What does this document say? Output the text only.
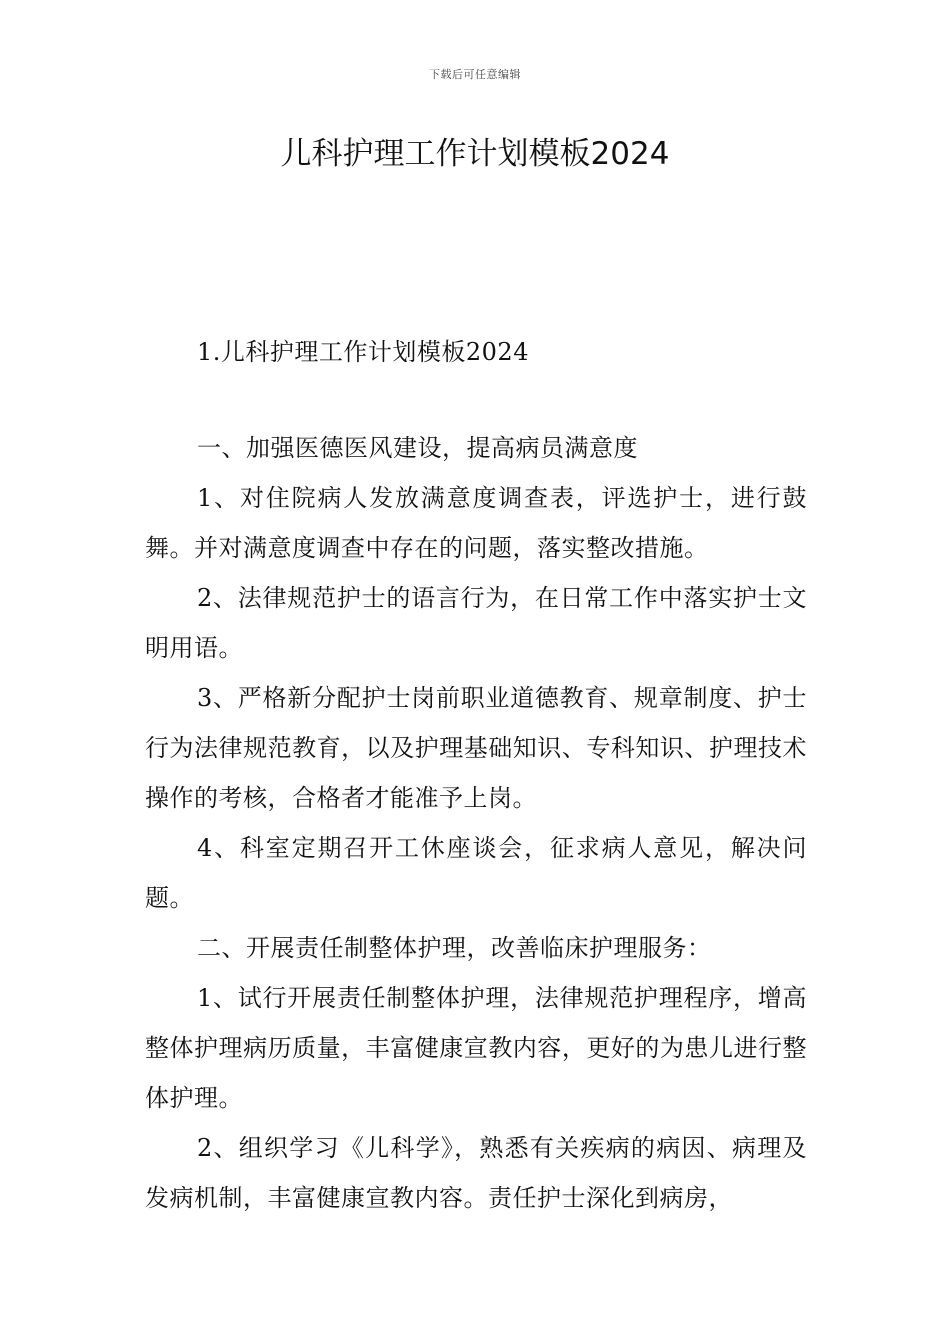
下载后可任意编辑
儿科护理工作计划模板2024

1.儿科护理工作计划模板2024

一、加强医德医风建设，提高病员满意度

1、对住院病人发放满意度调查表，评选护士，进行鼓舞。并对满意度调查中存在的问题，落实整改措施。

2、法律规范护士的语言行为，在日常工作中落实护士文明用语。

3、严格新分配护士岗前职业道德教育、规章制度、护士行为法律规范教育，以及护理基础知识、专科知识、护理技术操作的考核，合格者才能准予上岗。

4、科室定期召开工休座谈会，征求病人意见，解决问题。

二、开展责任制整体护理，改善临床护理服务：

1、试行开展责任制整体护理，法律规范护理程序，增高整体护理病历质量，丰富健康宣教内容，更好的为患儿进行整体护理。

2、组织学习《儿科学》，熟悉有关疾病的病因、病理及发病机制，丰富健康宣教内容。责任护士深化到病房，
